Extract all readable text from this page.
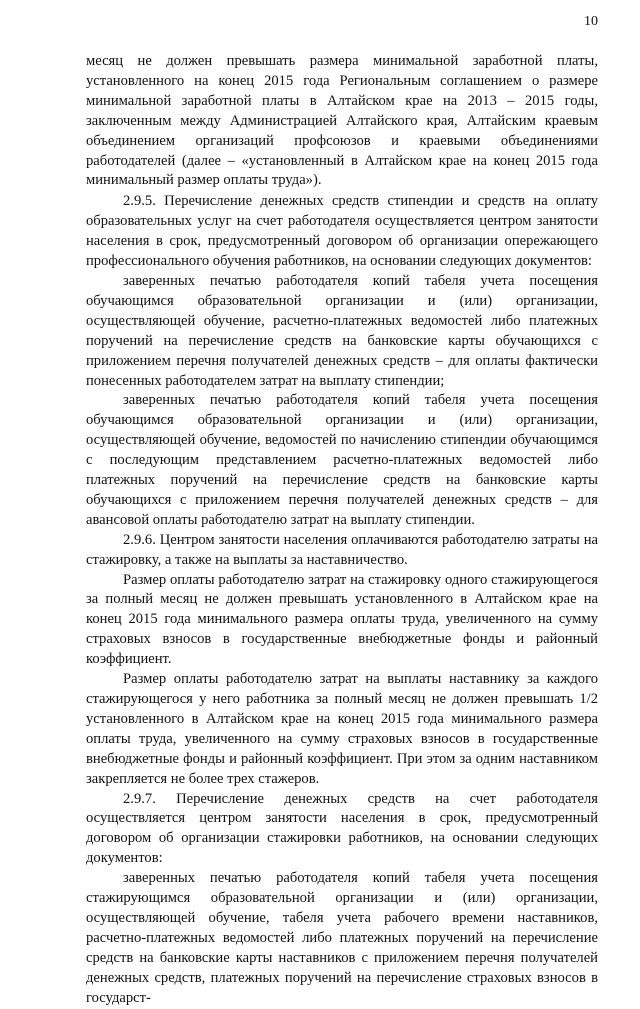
10

месяц не должен превышать размера минимальной заработной платы, установленного на конец 2015 года Региональным соглашением о размере минимальной заработной платы в Алтайском крае на 2013 – 2015 годы, заключенным между Администрацией Алтайского края, Алтайским краевым объединением организаций профсоюзов и краевыми объединениями работодателей (далее – «установленный в Алтайском крае на конец 2015 года минимальный размер оплаты труда»).

2.9.5. Перечисление денежных средств стипендии и средств на оплату образовательных услуг на счет работодателя осуществляется центром занятости населения в срок, предусмотренный договором об организации опережающего профессионального обучения работников, на основании следующих документов:

заверенных печатью работодателя копий табеля учета посещения обучающимся образовательной организации и (или) организации, осуществляющей обучение, расчетно-платежных ведомостей либо платежных поручений на перечисление средств на банковские карты обучающихся с приложением перечня получателей денежных средств – для оплаты фактически понесенных работодателем затрат на выплату стипендии;

заверенных печатью работодателя копий табеля учета посещения обучающимся образовательной организации и (или) организации, осуществляющей обучение, ведомостей по начислению стипендии обучающимся с последующим представлением расчетно-платежных ведомостей либо платежных поручений на перечисление средств на банковские карты обучающихся с приложением перечня получателей денежных средств – для авансовой оплаты работодателю затрат на выплату стипендии.

2.9.6. Центром занятости населения оплачиваются работодателю затраты на стажировку, а также на выплаты за наставничество.

Размер оплаты работодателю затрат на стажировку одного стажирующегося за полный месяц не должен превышать установленного в Алтайском крае на конец 2015 года минимального размера оплаты труда, увеличенного на сумму страховых взносов в государственные внебюджетные фонды и районный коэффициент.

Размер оплаты работодателю затрат на выплаты наставнику за каждого стажирующегося у него работника за полный месяц не должен превышать 1/2 установленного в Алтайском крае на конец 2015 года минимального размера оплаты труда, увеличенного на сумму страховых взносов в государственные внебюджетные фонды и районный коэффициент. При этом за одним наставником закрепляется не более трех стажеров.

2.9.7. Перечисление денежных средств на счет работодателя осуществляется центром занятости населения в срок, предусмотренный договором об организации стажировки работников, на основании следующих документов:

заверенных печатью работодателя копий табеля учета посещения стажирующимся образовательной организации и (или) организации, осуществляющей обучение, табеля учета рабочего времени наставников, расчетно-платежных ведомостей либо платежных поручений на перечисление средств на банковские карты наставников с приложением перечня получателей денежных средств, платежных поручений на перечисление страховых взносов в государст-
